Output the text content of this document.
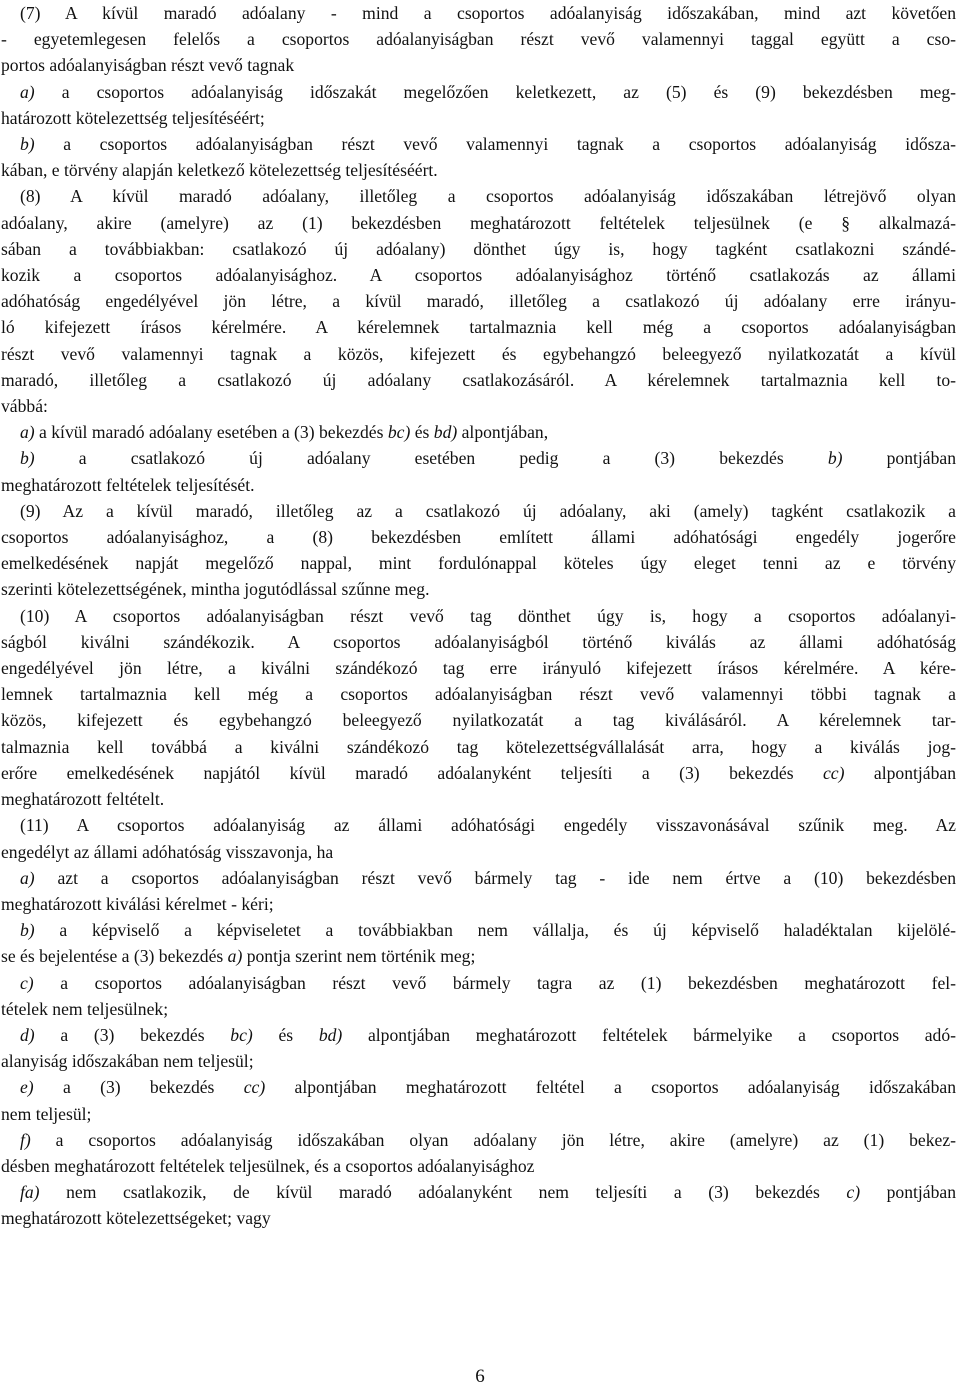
(7) A kívül maradó adóalany - mind a csoportos adóalanyiság időszakában, mind azt követően
- egyetemlegesen felelős a csoportos adóalanyiságban részt vevő valamennyi taggal együtt a cso-
portos adóalanyiságban részt vevő tagnak
a) a csoportos adóalanyiság időszakát megelőzően keletkezett, az (5) és (9) bekezdésben meg-
határozott kötelezettség teljesítéséért;
b) a csoportos adóalanyiságban részt vevő valamennyi tagnak a csoportos adóalanyiság idősza-
kában, e törvény alapján keletkező kötelezettség teljesítéséért.
(8) A kívül maradó adóalany, illetőleg a csoportos adóalanyiság időszakában létrejövő olyan
adóalany, akire (amelyre) az (1) bekezdésben meghatározott feltételek teljesülnek (e § alkalmazá-
sában a továbbiakban: csatlakozó új adóalany) dönthet úgy is, hogy tagként csatlakozni szándé-
kozik a csoportos adóalanyisághoz. A csoportos adóalanyisághoz történő csatlakozás az állami
adóhatóság engedélyével jön létre, a kívül maradó, illetőleg a csatlakozó új adóalany erre irányu-
ló kifejezett írásos kérelmére. A kérelemnek tartalmaznia kell még a csoportos adóalanyiságban
részt vevő valamennyi tagnak a közös, kifejezett és egybehangzó beleegyező nyilatkozatát a kívül
maradó, illetőleg a csatlakozó új adóalany csatlakozásáról. A kérelemnek tartalmaznia kell to-
vábbá:
a) a kívül maradó adóalany esetében a (3) bekezdés bc) és bd) alpontjában,
b) a csatlakozó új adóalany esetében pedig a (3) bekezdés b) pontjában
meghatározott feltételek teljesítését.
(9) Az a kívül maradó, illetőleg az a csatlakozó új adóalany, aki (amely) tagként csatlakozik a
csoportos adóalanyisághoz, a (8) bekezdésben említett állami adóhatósági engedély jogerőre
emelkedésének napját megelőző nappal, mint fordulónappal köteles úgy eleget tenni az e törvény
szerinti kötelezettségének, mintha jogutódlással szűnne meg.
(10) A csoportos adóalanyiságban részt vevő tag dönthet úgy is, hogy a csoportos adóalanyi-
ságból kiválni szándékozik. A csoportos adóalanyiságból történő kiválás az állami adóhatóság
engedélyével jön létre, a kiválni szándékozó tag erre irányuló kifejezett írásos kérelmére. A kére-
lemnek tartalmaznia kell még a csoportos adóalanyiságban részt vevő valamennyi többi tagnak a
közös, kifejezett és egybehangzó beleegyező nyilatkozatát a tag kiválásáról. A kérelemnek tar-
talmaznia kell továbbá a kiválni szándékozó tag kötelezettségvállalását arra, hogy a kiválás jog-
erőre emelkedésének napjától kívül maradó adóalanyként teljesíti a (3) bekezdés cc) alpontjában
meghatározott feltételt.
(11) A csoportos adóalanyiság az állami adóhatósági engedély visszavonásával szűnik meg. Az
engedélyt az állami adóhatóság visszavonja, ha
a) azt a csoportos adóalanyiságban részt vevő bármely tag - ide nem értve a (10) bekezdésben
meghatározott kiválási kérelmet - kéri;
b) a képviselő a képviseletet a továbbiakban nem vállalja, és új képviselő haladéktalan kijelölé-
se és bejelentése a (3) bekezdés a) pontja szerint nem történik meg;
c) a csoportos adóalanyiságban részt vevő bármely tagra az (1) bekezdésben meghatározott fel-
tételek nem teljesülnek;
d) a (3) bekezdés bc) és bd) alpontjában meghatározott feltételek bármelyike a csoportos adó-
alanyiság időszakában nem teljesül;
e) a (3) bekezdés cc) alpontjában meghatározott feltétel a csoportos adóalanyiság időszakában
nem teljesül;
f) a csoportos adóalanyiság időszakában olyan adóalany jön létre, akire (amelyre) az (1) bekez-
désben meghatározott feltételek teljesülnek, és a csoportos adóalanyisághoz
fa) nem csatlakozik, de kívül maradó adóalanyként nem teljesíti a (3) bekezdés c) pontjában
meghatározott kötelezettségeket; vagy
6
